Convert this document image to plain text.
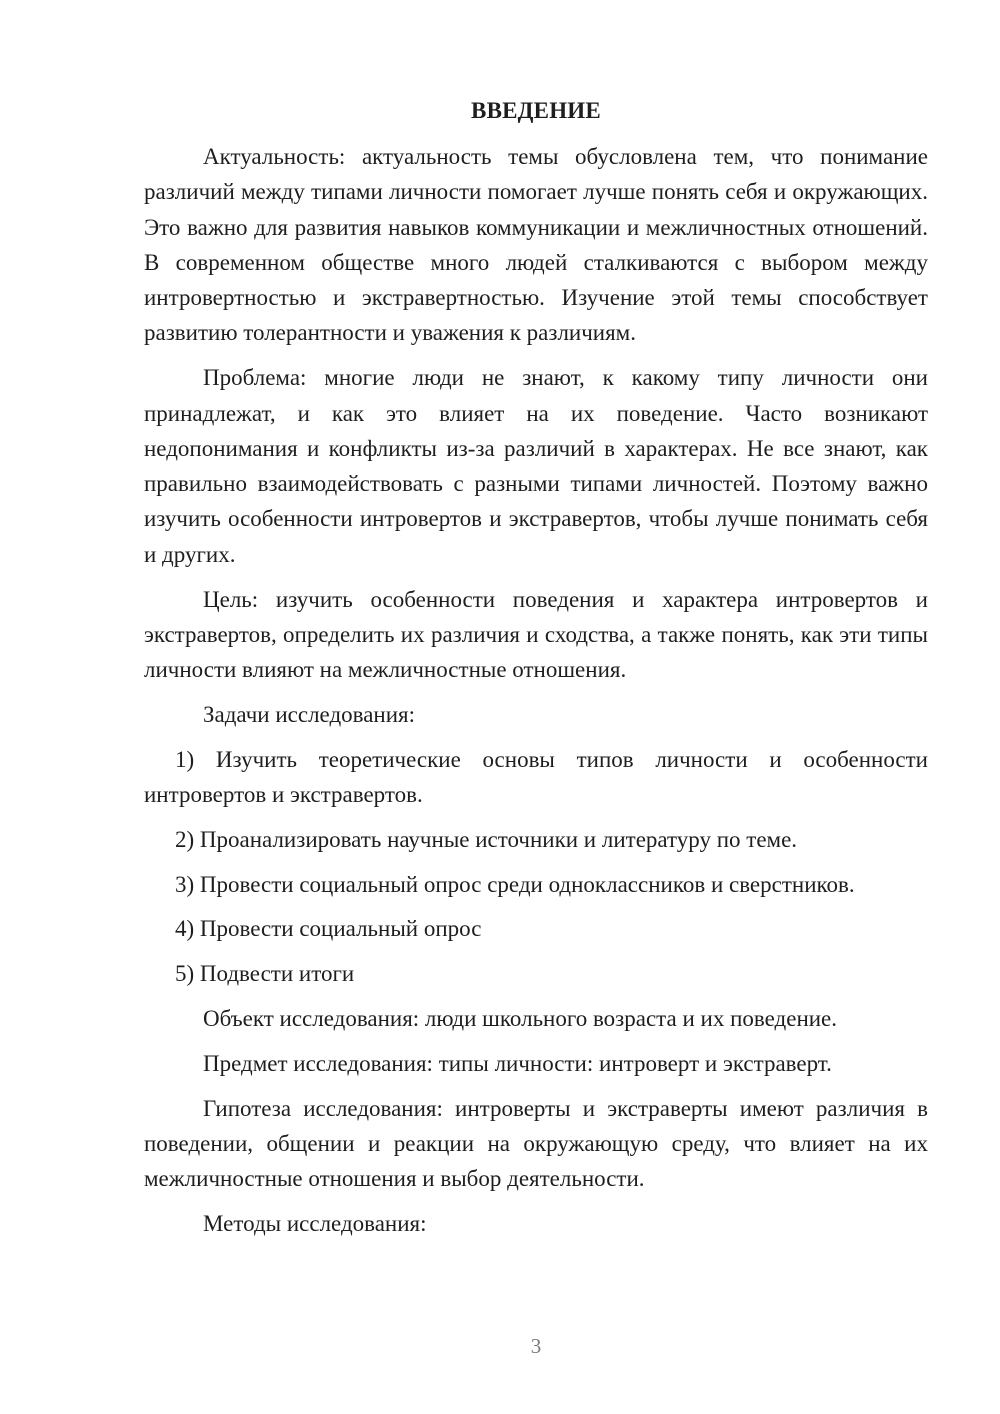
ВВЕДЕНИЕ

Актуальность: актуальность темы обусловлена тем, что понимание различий между типами личности помогает лучше понять себя и окружающих. Это важно для развития навыков коммуникации и межличностных отношений. В современном обществе много людей сталкиваются с выбором между интровертностью и экстравертностью. Изучение этой темы способствует развитию толерантности и уважения к различиям.

Проблема: многие люди не знают, к какому типу личности они принадлежат, и как это влияет на их поведение. Часто возникают недопонимания и конфликты из-за различий в характерах. Не все знают, как правильно взаимодействовать с разными типами личностей. Поэтому важно изучить особенности интровертов и экстравертов, чтобы лучше понимать себя и других.

Цель: изучить особенности поведения и характера интровертов и экстравертов, определить их различия и сходства, а также понять, как эти типы личности влияют на межличностные отношения.

Задачи исследования:

1) Изучить теоретические основы типов личности и особенности интровертов и экстравертов.

2) Проанализировать научные источники и литературу по теме.

3) Провести социальный опрос среди одноклассников и сверстников.

4) Провести социальный опрос

5) Подвести итоги

Объект исследования: люди школьного возраста и их поведение.

Предмет исследования: типы личности: интроверт и экстраверт.

Гипотеза исследования: интроверты и экстраверты имеют различия в поведении, общении и реакции на окружающую среду, что влияет на их межличностные отношения и выбор деятельности.

Методы исследования:

3
